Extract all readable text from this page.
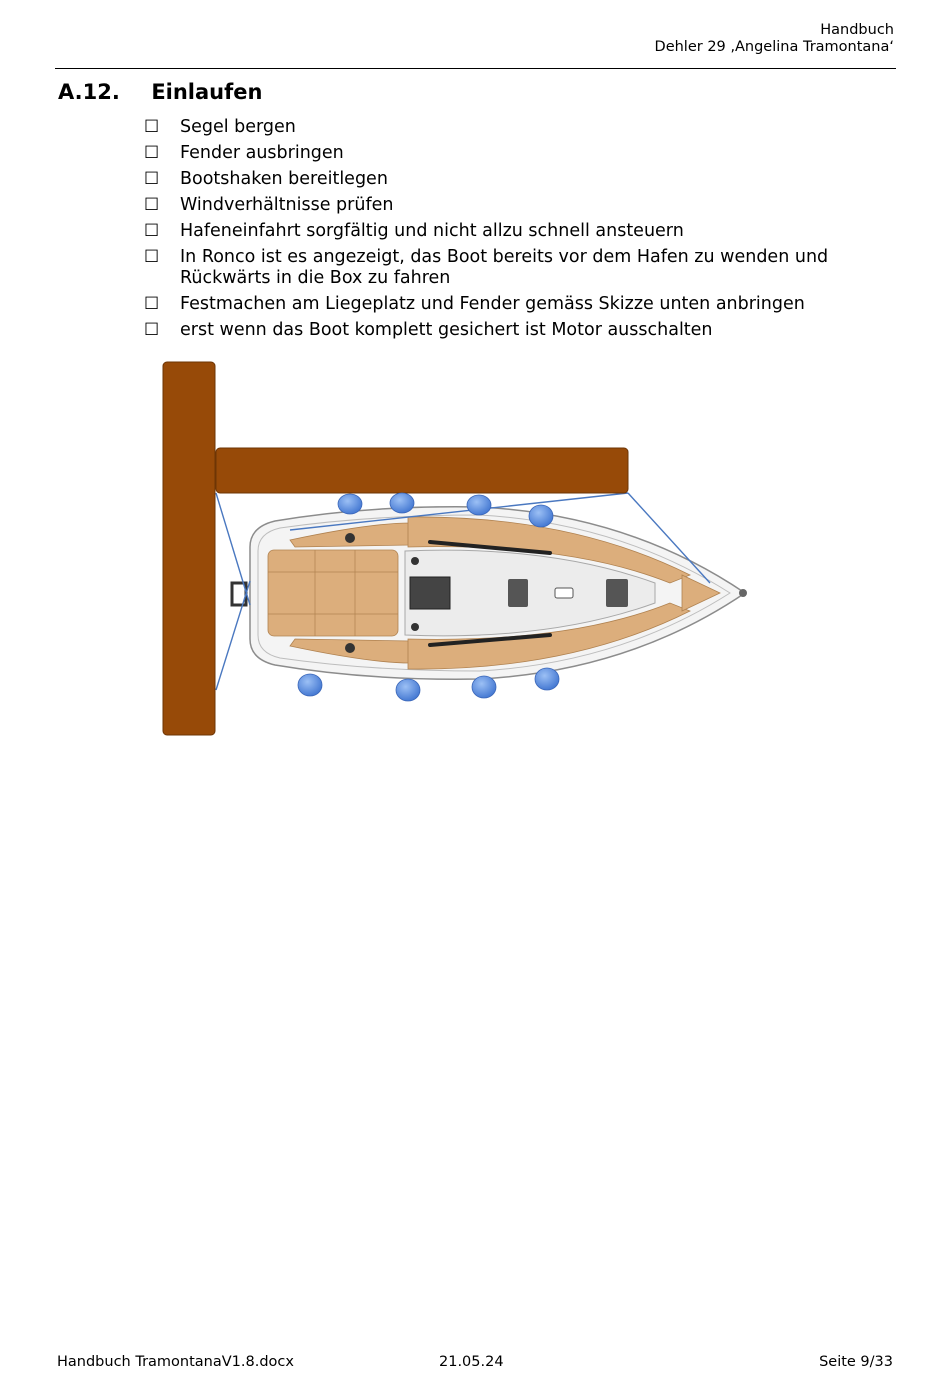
Handbuch
Dehler 29 ‚Angelina Tramontana‘
A.12. Einlaufen
☐	Segel bergen
☐	Fender ausbringen
☐	Bootshaken bereitlegen
☐	Windverhältnisse prüfen
☐	Hafeneinfahrt sorgfältig und nicht allzu schnell ansteuern
☐	In Ronco ist es angezeigt, das Boot bereits vor dem Hafen zu wenden und Rückwärts in die Box zu fahren
☐	Festmachen am Liegeplatz und Fender gemäss Skizze unten anbringen
☐	erst wenn das Boot komplett gesichert ist Motor ausschalten
Handbuch TramontanaV1.8.docx	21.05.24	Seite 9/33
